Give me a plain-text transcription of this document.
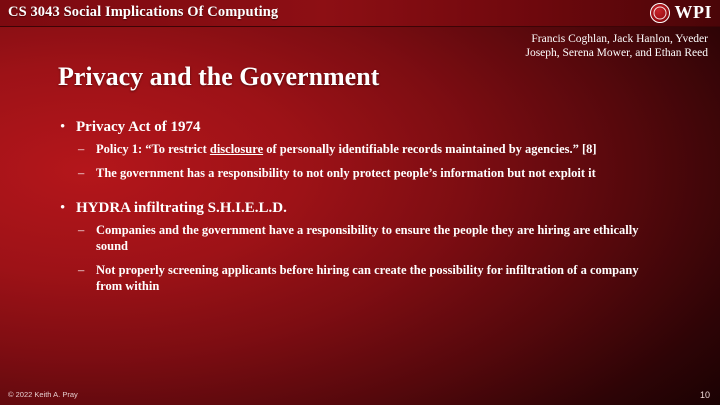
CS 3043 Social Implications Of Computing	WPI
Francis Coghlan, Jack Hanlon, Yveder Joseph, Serena Mower, and Ethan Reed
Privacy and the Government
• Privacy Act of 1974
– Policy 1: “To restrict disclosure of personally identifiable records maintained by agencies.” [8]
– The government has a responsibility to not only protect people’s information but not exploit it
• HYDRA infiltrating S.H.I.E.L.D.
– Companies and the government have a responsibility to ensure the people they are hiring are ethically sound
– Not properly screening applicants before hiring can create the possibility for infiltration of a company from within
© 2022 Keith A. Pray	10
